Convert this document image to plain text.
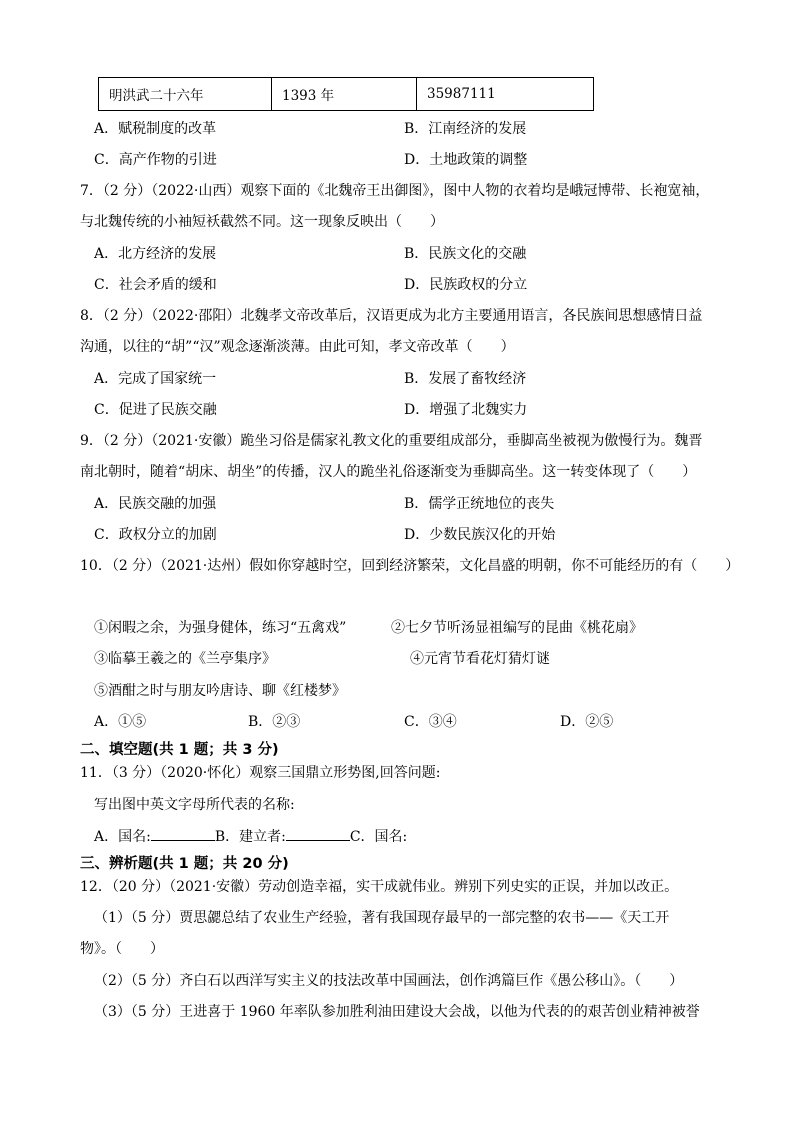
明洪武二十六年	1393 年	35987111
A．赋税制度的改革	B．江南经济的发展
C．高产作物的引进	D．土地政策的调整
7．（2 分）（2022·山西）观察下面的《北魏帝王出御图》，图中人物的衣着均是峨冠博带、长袍宽袖，
与北魏传统的小袖短袄截然不同。这一现象反映出（　　）
A．北方经济的发展	B．民族文化的交融
C．社会矛盾的缓和	D．民族政权的分立
8．（2 分）（2022·邵阳）北魏孝文帝改革后，汉语更成为北方主要通用语言，各民族间思想感情日益
沟通，以往的“胡”“汉”观念逐渐淡薄。由此可知，孝文帝改革（　　）
A．完成了国家统一	B．发展了畜牧经济
C．促进了民族交融	D．增强了北魏实力
9．（2 分）（2021·安徽）跪坐习俗是儒家礼教文化的重要组成部分，垂脚高坐被视为傲慢行为。魏晋
南北朝时，随着“胡床、胡坐”的传播，汉人的跪坐礼俗逐渐变为垂脚高坐。这一转变体现了（　　）
A．民族交融的加强	B．儒学正统地位的丧失
C．政权分立的加剧	D．少数民族汉化的开始
10．（2 分）（2021·达州）假如你穿越时空，回到经济繁荣，文化昌盛的明朝，你不可能经历的有（　　）
①闲暇之余，为强身健体，练习“五禽戏”	②七夕节听汤显祖编写的昆曲《桃花扇》
③临摹王羲之的《兰亭集序》	④元宵节看花灯猜灯谜
⑤酒酣之时与朋友吟唐诗、聊《红楼梦》
A．①⑤	B．②③	C．③④	D．②⑤
二、填空题(共 1 题；共 3 分)
11．（3 分）（2020·怀化）观察三国鼎立形势图,回答问题:
写出图中英文字母所代表的名称:
A．国名:	B．建立者:	C．国名:
三、辨析题(共 1 题；共 20 分)
12．（20 分）（2021·安徽）劳动创造幸福，实干成就伟业。辨别下列史实的正误，并加以改正。
（1）（5 分）贾思勰总结了农业生产经验，著有我国现存最早的一部完整的农书——《天工开
物》。（　　）
（2）（5 分）齐白石以西洋写实主义的技法改革中国画法，创作鸿篇巨作《愚公移山》。（　　）
（3）（5 分）王进喜于 1960 年率队参加胜利油田建设大会战，以他为代表的的艰苦创业精神被誉
